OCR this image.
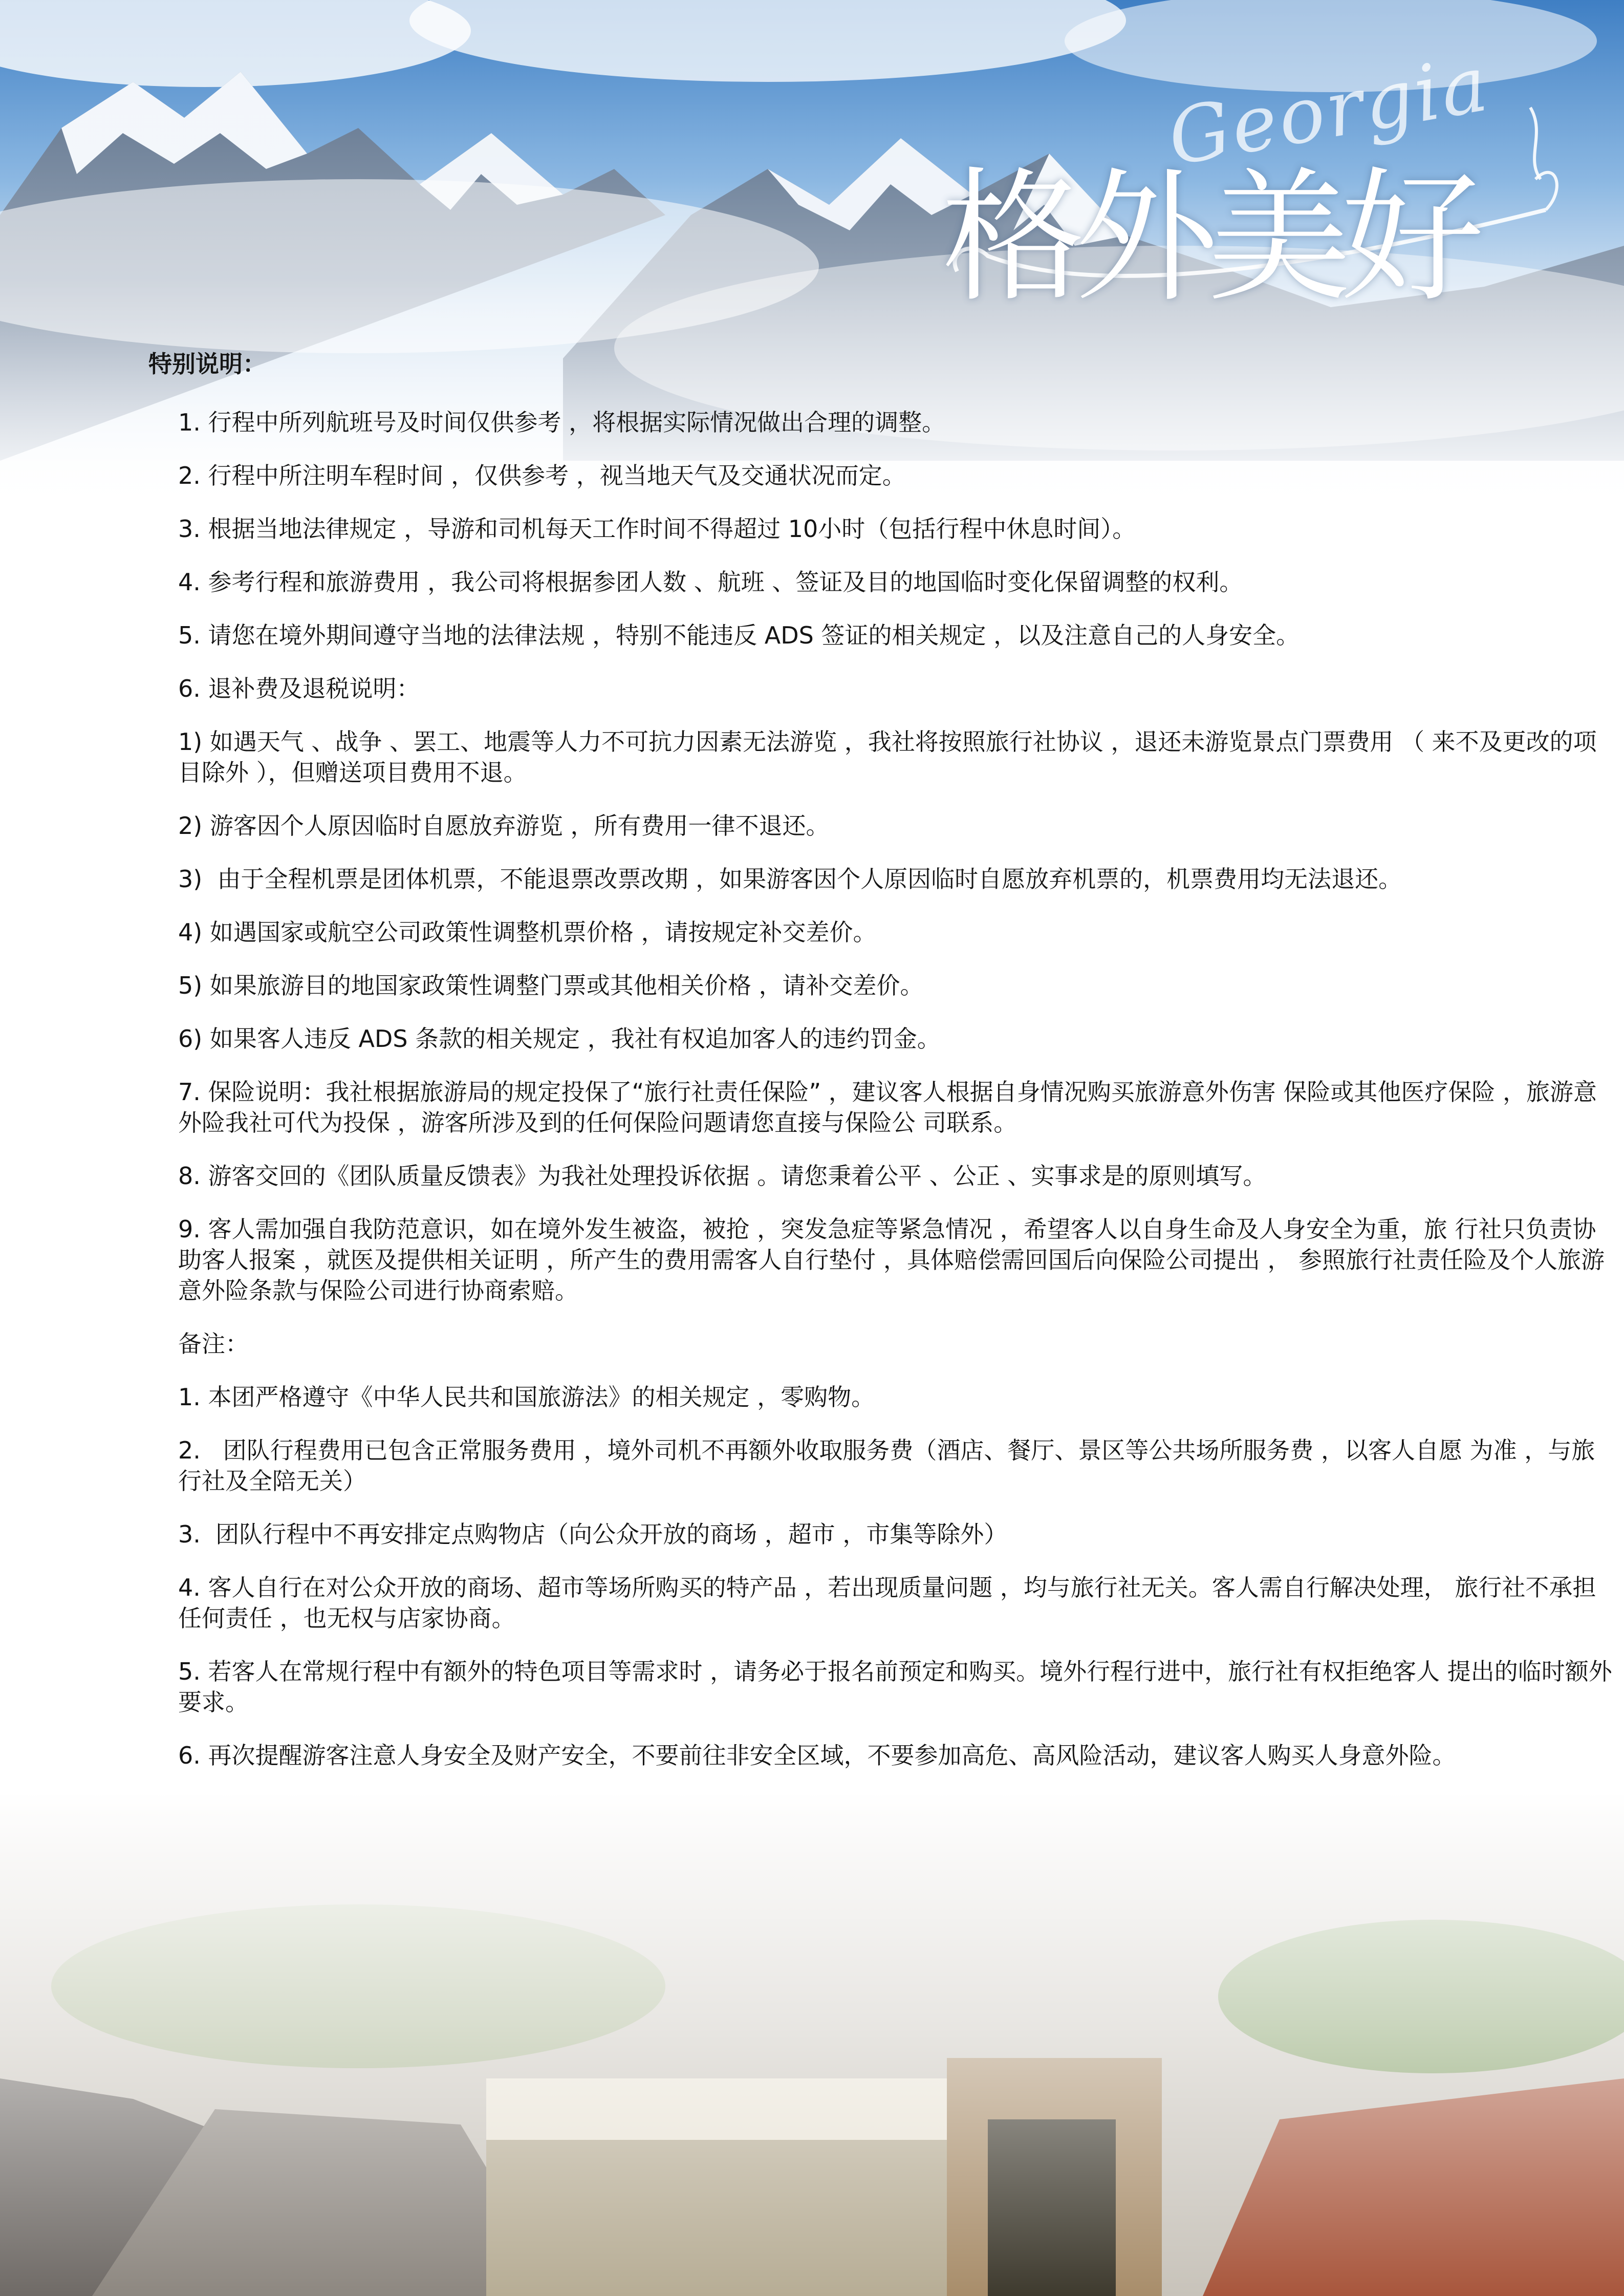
Georgia
格外美好
特别说明：
1. 行程中所列航班号及时间仅供参考 ，将根据实际情况做出合理的调整。
2. 行程中所注明车程时间 ，仅供参考 ，视当地天气及交通状况而定。
3. 根据当地法律规定 ，导游和司机每天工作时间不得超过 10小时（包括行程中休息时间）。
4. 参考行程和旅游费用 ，我公司将根据参团人数 、航班 、签证及目的地国临时变化保留调整的权利。
5. 请您在境外期间遵守当地的法律法规 ，特别不能违反 ADS 签证的相关规定 ，以及注意自己的人身安全。
6. 退补费及退税说明：
1) 如遇天气 、战争 、罢工、地震等人力不可抗力因素无法游览 ，我社将按照旅行社协议 ，退还未游览景点门票费用 （ 来不及更改的项目除外 ），但赠送项目费用不退。
2) 游客因个人原因临时自愿放弃游览 ，所有费用一律不退还。
3)  由于全程机票是团体机票，不能退票改票改期 ，如果游客因个人原因临时自愿放弃机票的，机票费用均无法退还。
4) 如遇国家或航空公司政策性调整机票价格 ，请按规定补交差价。
5) 如果旅游目的地国家政策性调整门票或其他相关价格 ，请补交差价。
6) 如果客人违反 ADS 条款的相关规定 ，我社有权追加客人的违约罚金。
7. 保险说明：我社根据旅游局的规定投保了“旅行社责任保险” ，建议客人根据自身情况购买旅游意外伤害 保险或其他医疗保险 ，旅游意外险我社可代为投保 ，游客所涉及到的任何保险问题请您直接与保险公 司联系。
8. 游客交回的《团队质量反馈表》为我社处理投诉依据 。请您秉着公平 、公正 、实事求是的原则填写。
9. 客人需加强自我防范意识，如在境外发生被盗，被抢 ，突发急症等紧急情况 ，希望客人以自身生命及人身安全为重，旅 行社只负责协助客人报案 ，就医及提供相关证明 ，所产生的费用需客人自行垫付 ，具体赔偿需回国后向保险公司提出 ， 参照旅行社责任险及个人旅游意外险条款与保险公司进行协商索赔。
备注：
1. 本团严格遵守《中华人民共和国旅游法》的相关规定 ，零购物。
2.   团队行程费用已包含正常服务费用 ，境外司机不再额外收取服务费（酒店、餐厅、景区等公共场所服务费 ，以客人自愿 为准 ，与旅行社及全陪无关）
3.  团队行程中不再安排定点购物店（向公众开放的商场 ，超市 ，市集等除外）
4. 客人自行在对公众开放的商场、超市等场所购买的特产品 ，若出现质量问题 ，均与旅行社无关。客人需自行解决处理， 旅行社不承担任何责任 ，也无权与店家协商。
5. 若客人在常规行程中有额外的特色项目等需求时 ，请务必于报名前预定和购买。境外行程行进中，旅行社有权拒绝客人 提出的临时额外要求。
6. 再次提醒游客注意人身安全及财产安全，不要前往非安全区域，不要参加高危、高风险活动，建议客人购买人身意外险。
